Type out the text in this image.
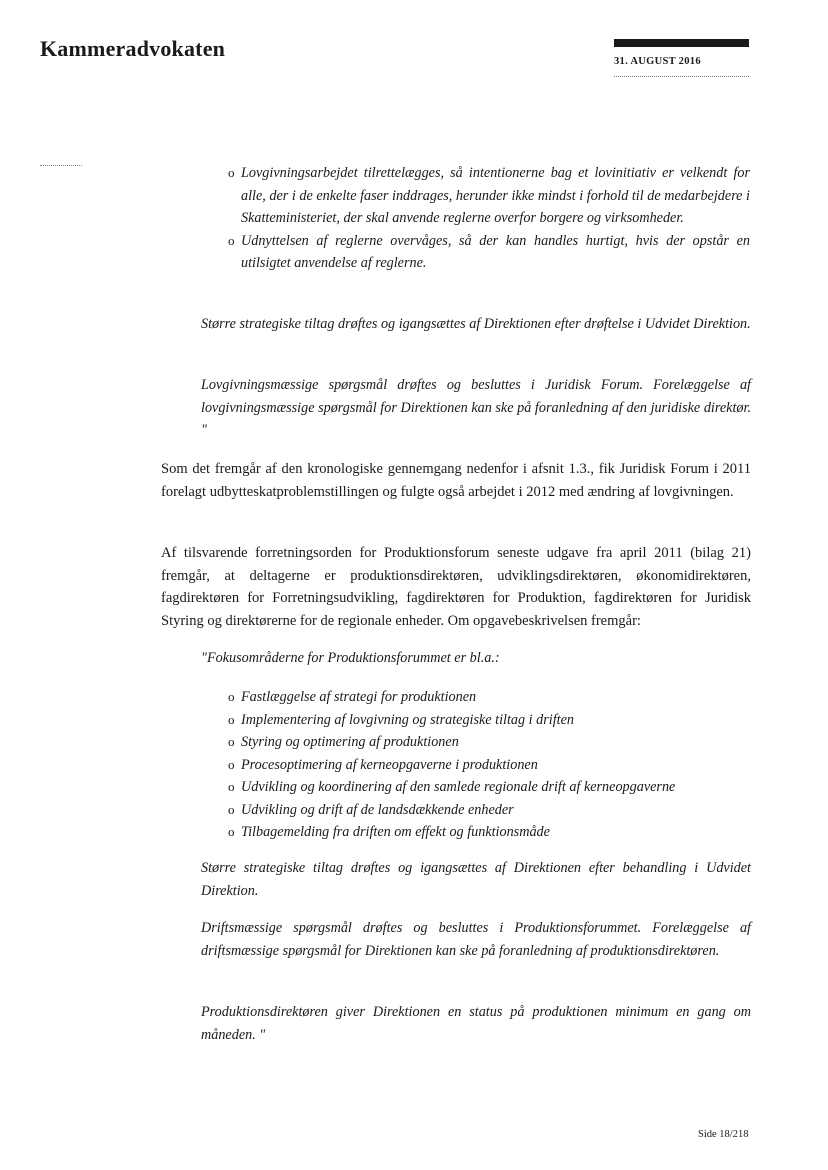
Kammeradvokaten
31. AUGUST 2016
o Lovgivningsarbejdet tilrettelægges, så intentionerne bag et lovinitiativ er velkendt for alle, der i de enkelte faser inddrages, herunder ikke mindst i forhold til de medarbejdere i Skatteministeriet, der skal anvende reglerne overfor borgere og virksomheder.
o Udnyttelsen af reglerne overvåges, så der kan handles hurtigt, hvis der opstår en utilsigtet anvendelse af reglerne.

Større strategiske tiltag drøftes og igangsættes af Direktionen efter drøftelse i Udvidet Direktion.

Lovgivningsmæssige spørgsmål drøftes og besluttes i Juridisk Forum. Forelæggelse af lovgivningsmæssige spørgsmål for Direktionen kan ske på foranledning af den juridiske direktør. "

Som det fremgår af den kronologiske gennemgang nedenfor i afsnit 1.3., fik Juridisk Forum i 2011 forelagt udbytteskatproblemstillingen og fulgte også arbejdet i 2012 med ændring af lovgivningen.

Af tilsvarende forretningsorden for Produktionsforum seneste udgave fra april 2011 (bilag 21) fremgår, at deltagerne er produktionsdirektøren, udviklingsdirektøren, økonomidirektøren, fagdirektøren for Forretningsudvikling, fagdirektøren for Produktion, fagdirektøren for Juridisk Styring og direktørerne for de regionale enheder. Om opgavebeskrivelsen fremgår:

"Fokusområderne for Produktionsforummet er bl.a.:

o Fastlæggelse af strategi for produktionen
o Implementering af lovgivning og strategiske tiltag i driften
o Styring og optimering af produktionen
o Procesoptimering af kerneopgaverne i produktionen
o Udvikling og koordinering af den samlede regionale drift af kerneopgaverne
o Udvikling og drift af de landsdækkende enheder
o Tilbagemelding fra driften om effekt og funktionsmåde

Større strategiske tiltag drøftes og igangsættes af Direktionen efter behandling i Udvidet Direktion.

Driftsmæssige spørgsmål drøftes og besluttes i Produktionsforummet. Forelæggelse af driftsmæssige spørgsmål for Direktionen kan ske på foranledning af produktionsdirektøren.

Produktionsdirektøren giver Direktionen en status på produktionen minimum en gang om måneden. "

Side 18/218
